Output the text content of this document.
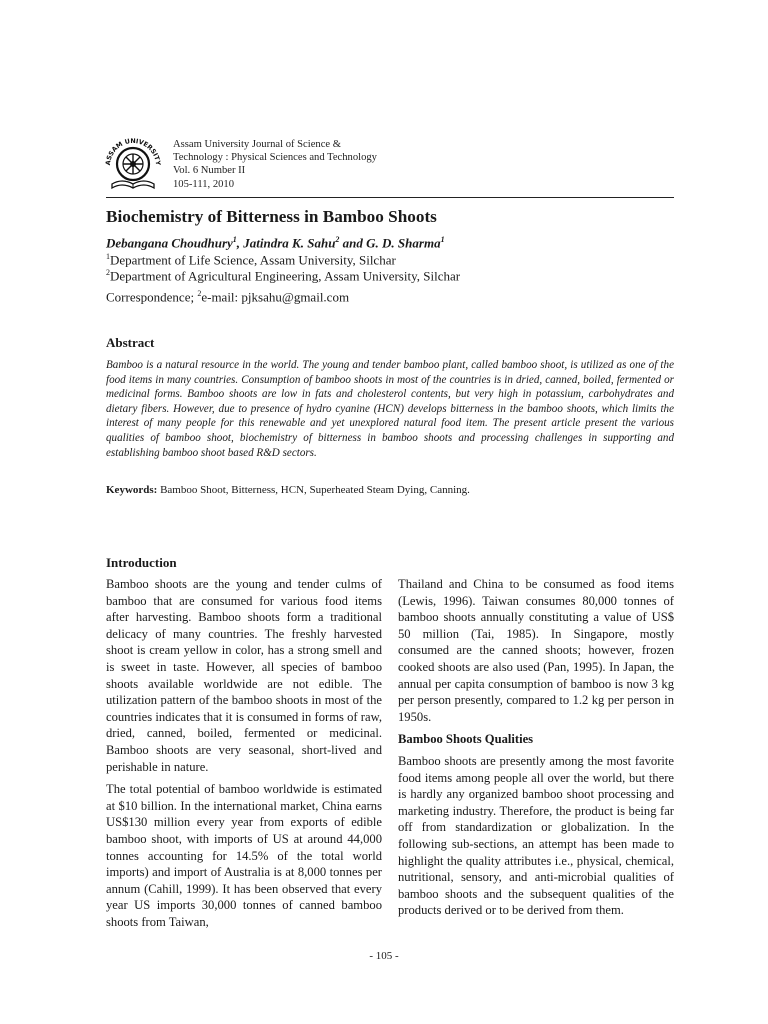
ASSAM UNIVERSITY
Assam University Journal of Science &
Technology : Physical Sciences and Technology
Vol. 6 Number II
105-111, 2010
Biochemistry of Bitterness in Bamboo Shoots
Debangana Choudhury$^1$, Jatindra K. Sahu$^2$ and G. D. Sharma$^1$
$^1$Department of Life Science, Assam University, Silchar
$^2$Department of Agricultural Engineering, Assam University, Silchar
Correspondence; $^2$e-mail: pjksahu@gmail.com
Abstract

Bamboo is a natural resource in the world. The young and tender bamboo plant, called bamboo shoot, is utilized as one of the food items in many countries. Consumption of bamboo shoots in most of the countries is in dried, canned, boiled, fermented or medicinal forms. Bamboo shoots are low in fats and cholesterol contents, but very high in potassium, carbohydrates and dietary fibers. However, due to presence of hydro cyanine (HCN) develops bitterness in the bamboo shoots, which limits the interest of many people for this renewable and yet unexplored natural food item. The present article present the various qualities of bamboo shoot, biochemistry of bitterness in bamboo shoots and processing challenges in supporting and establishing bamboo shoot based R&D sectors.

Keywords: Bamboo Shoot, Bitterness, HCN, Superheated Steam Dying, Canning.
Introduction

Bamboo shoots are the young and tender culms of bamboo that are consumed for various food items after harvesting. Bamboo shoots form a traditional delicacy of many countries. The freshly harvested shoot is cream yellow in color, has a strong smell and is sweet in taste. However, all species of bamboo shoots available worldwide are not edible. The utilization pattern of the bamboo shoots in most of the countries indicates that it is consumed in forms of raw, dried, canned, boiled, fermented or medicinal. Bamboo shoots are very seasonal, short-lived and perishable in nature.

The total potential of bamboo worldwide is estimated at $10 billion. In the international market, China earns US$130 million every year from exports of edible bamboo shoot, with imports of US at around 44,000 tonnes accounting for 14.5% of the total world imports) and import of Australia is at 8,000 tonnes per annum (Cahill, 1999). It has been observed that every year US imports 30,000 tonnes of canned bamboo shoots from Taiwan,

Thailand and China to be consumed as food items (Lewis, 1996). Taiwan consumes 80,000 tonnes of bamboo shoots annually constituting a value of US$ 50 million (Tai, 1985). In Singapore, mostly consumed are the canned shoots; however, frozen cooked shoots are also used (Pan, 1995). In Japan, the annual per capita consumption of bamboo is now 3 kg per person presently, compared to 1.2 kg per person in 1950s.

Bamboo Shoots Qualities

Bamboo shoots are presently among the most favorite food items among people all over the world, but there is hardly any organized bamboo shoot processing and marketing industry. Therefore, the product is being far off from standardization or globalization. In the following sub-sections, an attempt has been made to highlight the quality attributes i.e., physical, chemical, nutritional, sensory, and anti-microbial qualities of bamboo shoots and the subsequent qualities of the products derived or to be derived from them.

- 105 -
